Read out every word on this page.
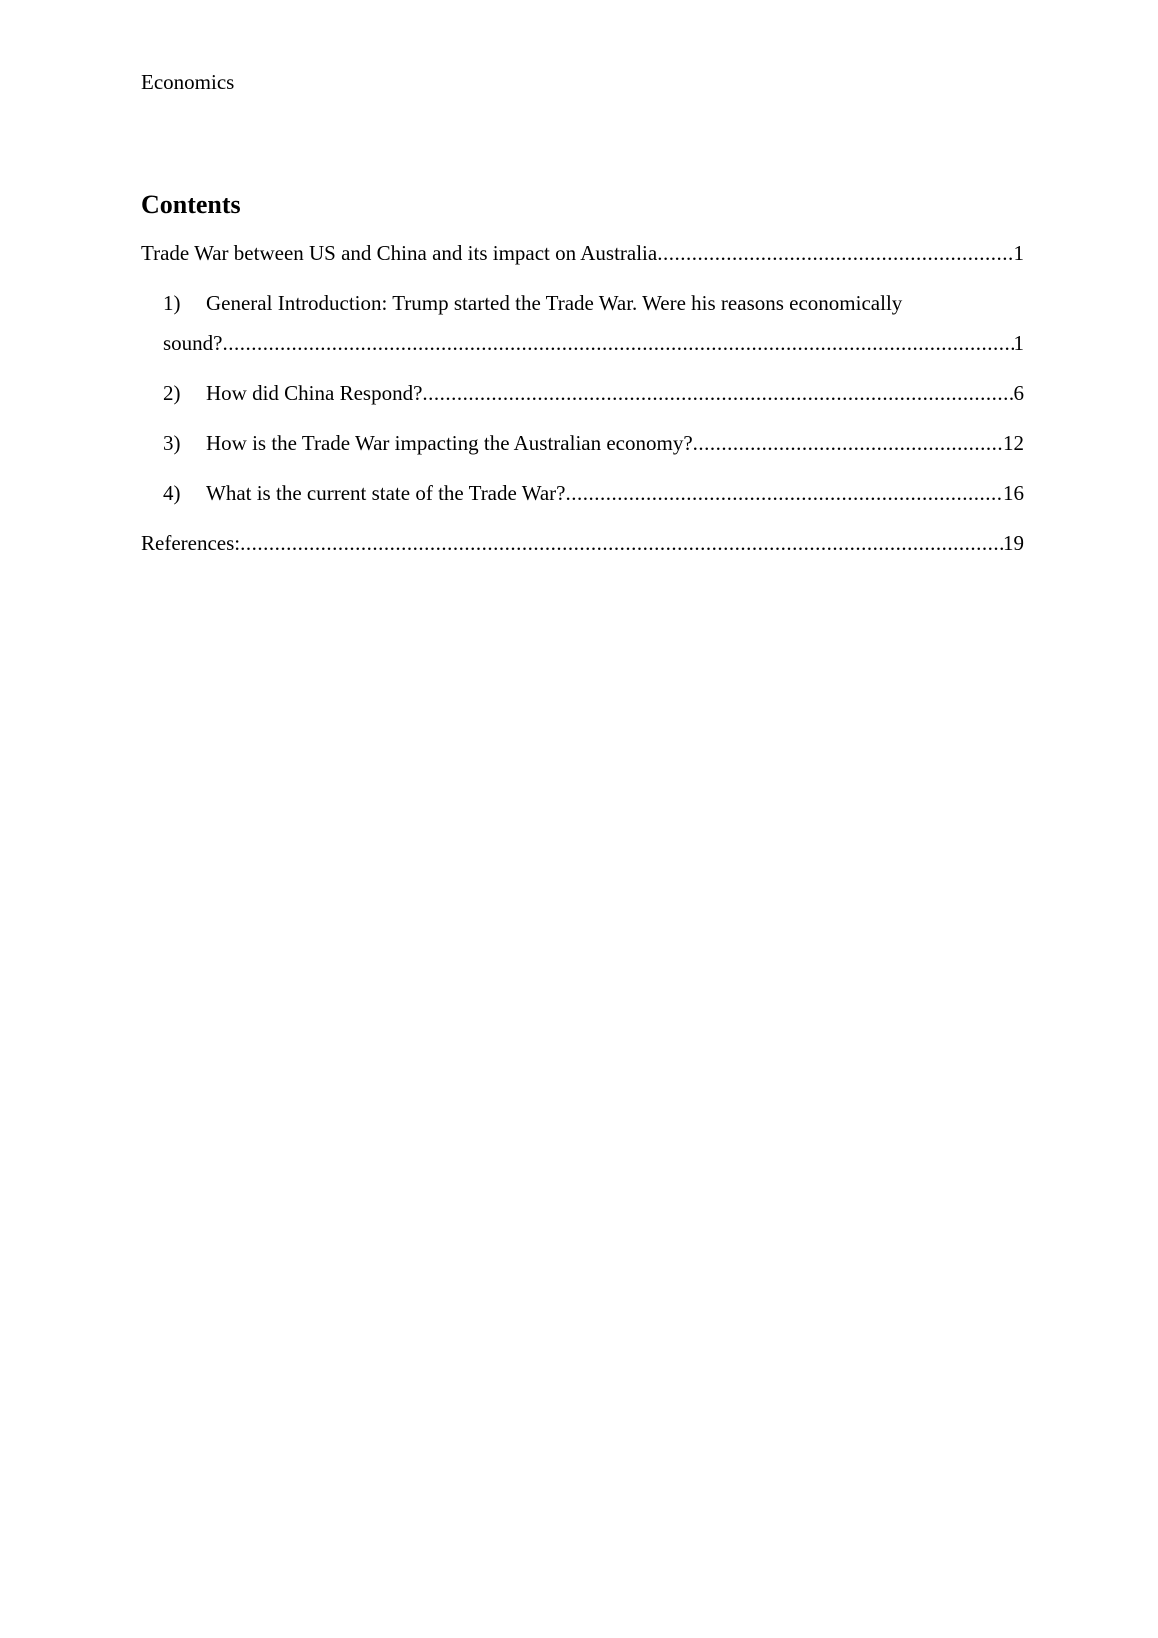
Economics
Contents
Trade War between US and China and its impact on Australia .....	1
1) General Introduction: Trump started the Trade War. Were his reasons economically
sound? .....	1
2)	How did China Respond? .....	6
3)	How is the Trade War impacting the Australian economy? .....	12
4)	What is the current state of the Trade War? .....	16
References: .....	19
